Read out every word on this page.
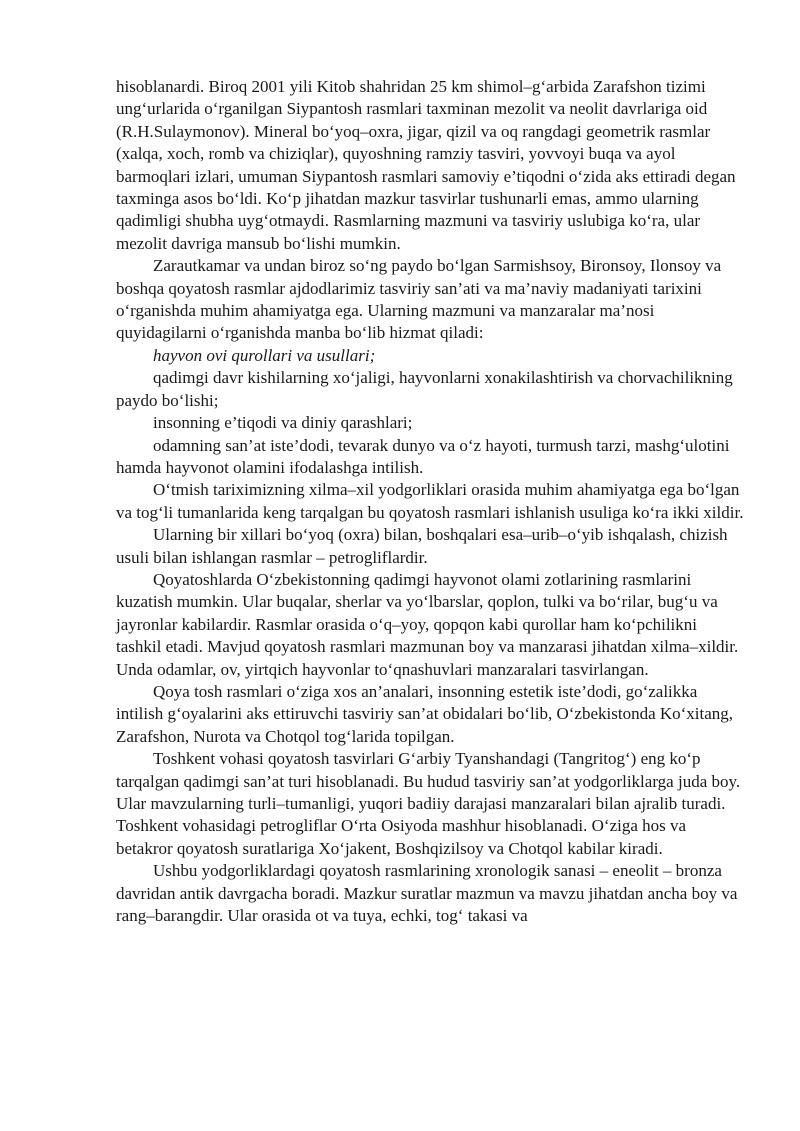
hisoblanardi. Biroq 2001 yili Kitob shahridan 25 km shimol–g‘arbida Zarafshon tizimi ung‘urlarida o‘rganilgan Siypantosh rasmlari taxminan mezolit va neolit davrlariga oid (R.H.Sulaymonov). Mineral bo‘yoq–oxra, jigar, qizil va oq rangdagi geometrik rasmlar (xalqa, xoch, romb va chiziqlar), quyoshning ramziy tasviri, yovvoyi buqa va ayol barmoqlari izlari, umuman Siypantosh rasmlari samoviy e’tiqodni o‘zida aks ettiradi degan taxminga asos bo‘ldi. Ko‘p jihatdan mazkur tasvirlar tushunarli emas, ammo ularning qadimligi shubha uyg‘otmaydi. Rasmlarning mazmuni va tasviriy uslubiga ko‘ra, ular mezolit davriga mansub bo‘lishi mumkin.

Zarautkamar va undan biroz so‘ng paydo bo‘lgan Sarmishsoy, Bironsoy, Ilonsoy va boshqa qoyatosh rasmlar ajdodlarimiz tasviriy san’ati va ma’naviy madaniyati tarixini o‘rganishda muhim ahamiyatga ega. Ularning mazmuni va manzaralar ma’nosi quyidagilarni o‘rganishda manba bo‘lib hizmat qiladi:

hayvon ovi qurollari va usullari;

qadimgi davr kishilarning xo‘jaligi, hayvonlarni xonakilashtirish va chorvachilikning paydo bo‘lishi;

insonning e’tiqodi va diniy qarashlari;

odamning san’at iste’dodi, tevarak dunyo va o‘z hayoti, turmush tarzi, mashg‘ulotini hamda hayvonot olamini ifodalashga intilish.

O‘tmish tariximizning xilma–xil yodgorliklari orasida muhim ahamiyatga ega bo‘lgan va tog‘li tumanlarida keng tarqalgan bu qoyatosh rasmlari ishlanish usuliga ko‘ra ikki xildir.

Ularning bir xillari bo‘yoq (oxra) bilan, boshqalari esa–urib–o‘yib ishqalash, chizish usuli bilan ishlangan rasmlar – petrogliflardir.

Qoyatoshlarda O‘zbekistonning qadimgi hayvonot olami zotlarining rasmlarini kuzatish mumkin. Ular buqalar, sherlar va yo‘lbarslar, qoplon, tulki va bo‘rilar, bug‘u va jayronlar kabilardir. Rasmlar orasida o‘q–yoy, qopqon kabi qurollar ham ko‘pchilikni tashkil etadi. Mavjud qoyatosh rasmlari mazmunan boy va manzarasi jihatdan xilma–xildir. Unda odamlar, ov, yirtqich hayvonlar to‘qnashuvlari manzaralari tasvirlangan.

Qoya tosh rasmlari o‘ziga xos an’analari, insonning estetik iste’dodi, go‘zalikka intilish g‘oyalarini aks ettiruvchi tasviriy san’at obidalari bo‘lib, O‘zbekistonda Ko‘xitang, Zarafshon, Nurota va Chotqol tog‘larida topilgan.

Toshkent vohasi qoyatosh tasvirlari G‘arbiy Tyanshandagi (Tangritog‘) eng ko‘p tarqalgan qadimgi san’at turi hisoblanadi. Bu hudud tasviriy san’at yodgorliklarga juda boy. Ular mavzularning turli–tumanligi, yuqori badiiy darajasi manzaralari bilan ajralib turadi. Toshkent vohasidagi petrogliflar O‘rta Osiyoda mashhur hisoblanadi. O‘ziga hos va betakror qoyatosh suratlariga Xo‘jakent, Boshqizilsoy va Chotqol kabilar kiradi.

Ushbu yodgorliklardagi qoyatosh rasmlarining xronologik sanasi – eneolit – bronza davridan antik davrgacha boradi. Mazkur suratlar mazmun va mavzu jihatdan ancha boy va rang–barangdir. Ular orasida ot va tuya, echki, tog‘ takasi va
